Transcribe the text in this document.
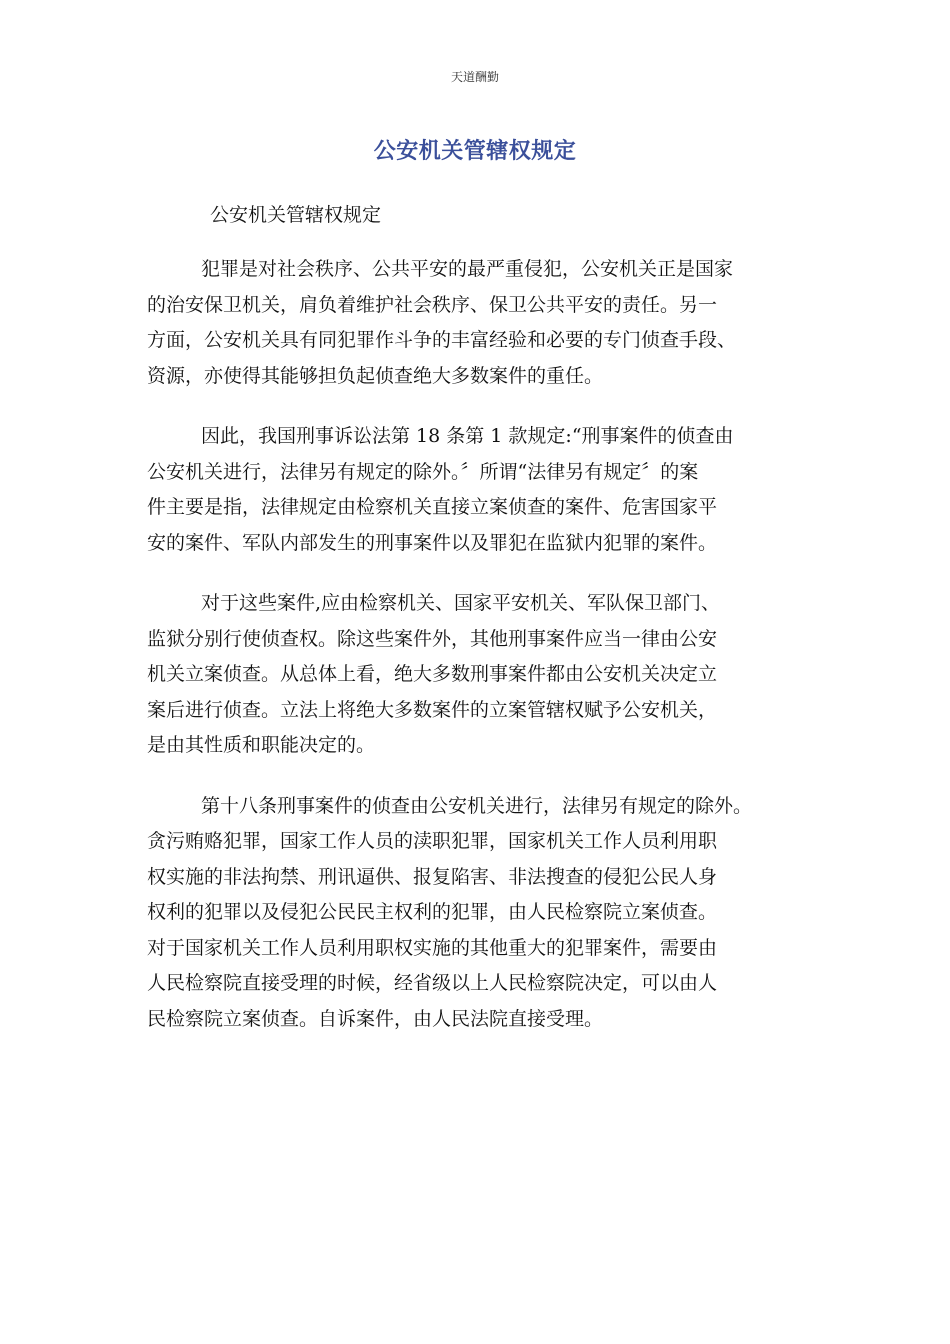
天道酬勤
公安机关管辖权规定
公安机关管辖权规定
犯罪是对社会秩序、公共平安的最严重侵犯，公安机关正是国家
的治安保卫机关，肩负着维护社会秩序、保卫公共平安的责任。另一
方面，公安机关具有同犯罪作斗争的丰富经验和必要的专门侦查手段、
资源，亦使得其能够担负起侦查绝大多数案件的重任。
因此，我国刑事诉讼法第 18 条第 1 款规定:“刑事案件的侦查由
公安机关进行，法律另有规定的除外。〞所谓“法律另有规定〞的案
件主要是指，法律规定由检察机关直接立案侦查的案件、危害国家平
安的案件、军队内部发生的刑事案件以及罪犯在监狱内犯罪的案件。
对于这些案件,应由检察机关、国家平安机关、军队保卫部门、
监狱分别行使侦查权。除这些案件外，其他刑事案件应当一律由公安
机关立案侦查。从总体上看，绝大多数刑事案件都由公安机关决定立
案后进行侦查。立法上将绝大多数案件的立案管辖权赋予公安机关，
是由其性质和职能决定的。
第十八条刑事案件的侦查由公安机关进行，法律另有规定的除外。
贪污贿赂犯罪，国家工作人员的渎职犯罪，国家机关工作人员利用职
权实施的非法拘禁、刑讯逼供、报复陷害、非法搜查的侵犯公民人身
权利的犯罪以及侵犯公民民主权利的犯罪，由人民检察院立案侦查。
对于国家机关工作人员利用职权实施的其他重大的犯罪案件，需要由
人民检察院直接受理的时候，经省级以上人民检察院决定，可以由人
民检察院立案侦查。自诉案件，由人民法院直接受理。
